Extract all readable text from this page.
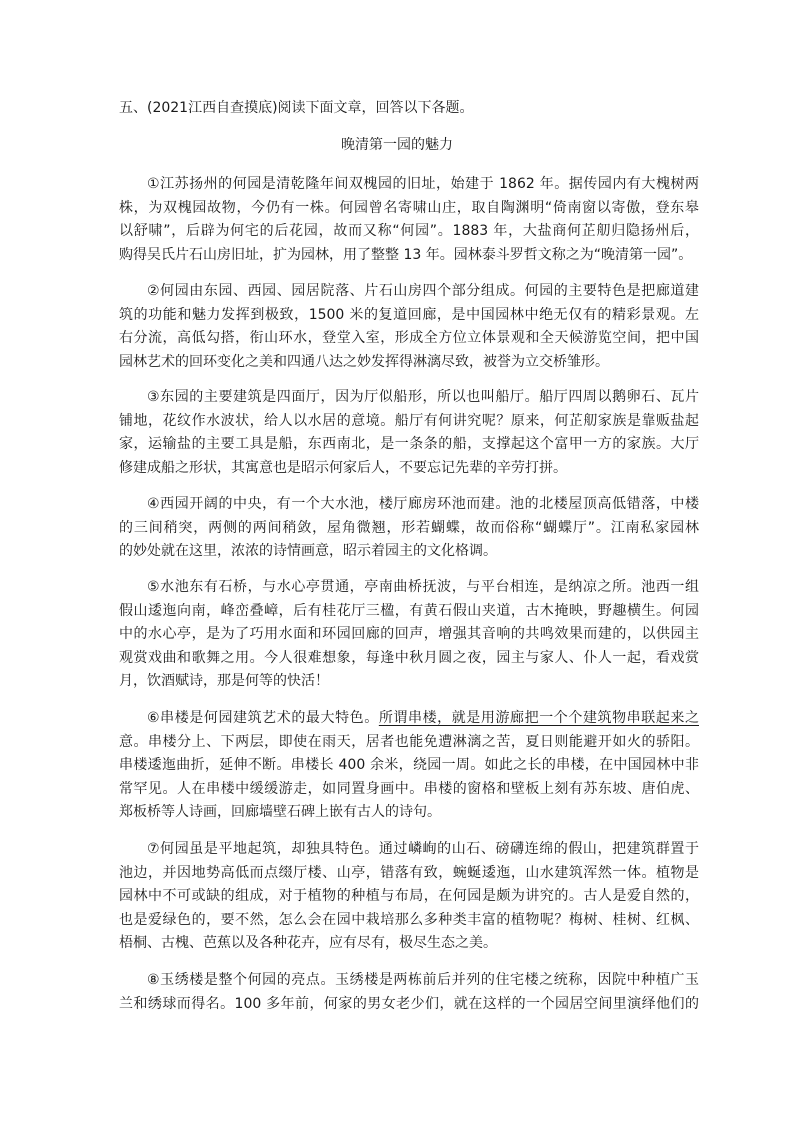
五、(2021江西自查摸底)阅读下面文章，回答以下各题。
晚清第一园的魅力
①江苏扬州的何园是清乾隆年间双槐园的旧址，始建于 1862 年。据传园内有大槐树两
株，为双槐园故物，今仍有一株。何园曾名寄啸山庄，取自陶渊明“倚南窗以寄傲，登东皋
以舒啸”，后辟为何宅的后花园，故而又称“何园”。1883 年，大盐商何芷舠归隐扬州后，
购得吴氏片石山房旧址，扩为园林，用了整整 13 年。园林泰斗罗哲文称之为“晚清第一园”。
②何园由东园、西园、园居院落、片石山房四个部分组成。何园的主要特色是把廊道建
筑的功能和魅力发挥到极致，1500 米的复道回廊，是中国园林中绝无仅有的精彩景观。左
右分流，高低勾搭，衔山环水，登堂入室，形成全方位立体景观和全天候游览空间，把中国
园林艺术的回环变化之美和四通八达之妙发挥得淋漓尽致，被誉为立交桥雏形。
③东园的主要建筑是四面厅，因为厅似船形，所以也叫船厅。船厅四周以鹅卵石、瓦片
铺地，花纹作水波状，给人以水居的意境。船厅有何讲究呢？原来，何芷舠家族是靠贩盐起
家，运输盐的主要工具是船，东西南北，是一条条的船，支撑起这个富甲一方的家族。大厅
修建成船之形状，其寓意也是昭示何家后人，不要忘记先辈的辛劳打拼。
④西园开阔的中央，有一个大水池，楼厅廊房环池而建。池的北楼屋顶高低错落，中楼
的三间稍突，两侧的两间稍敛，屋角微翘，形若蝴蝶，故而俗称“蝴蝶厅”。江南私家园林
的妙处就在这里，浓浓的诗情画意，昭示着园主的文化格调。
⑤水池东有石桥，与水心亭贯通，亭南曲桥抚波，与平台相连，是纳凉之所。池西一组
假山逶迤向南，峰峦叠嶂，后有桂花厅三楹，有黄石假山夹道，古木掩映，野趣横生。何园
中的水心亭，是为了巧用水面和环园回廊的回声，增强其音响的共鸣效果而建的，以供园主
观赏戏曲和歌舞之用。今人很难想象，每逢中秋月圆之夜，园主与家人、仆人一起，看戏赏
月，饮酒赋诗，那是何等的快活！
⑥串楼是何园建筑艺术的最大特色。所谓串楼，就是用游廊把一个个建筑物串联起来之
意。串楼分上、下两层，即使在雨天，居者也能免遭淋漓之苦，夏日则能避开如火的骄阳。
串楼逶迤曲折，延伸不断。串楼长 400 余米，绕园一周。如此之长的串楼，在中国园林中非
常罕见。人在串楼中缓缓游走，如同置身画中。串楼的窗格和壁板上刻有苏东坡、唐伯虎、
郑板桥等人诗画，回廊墙壁石碑上嵌有古人的诗句。
⑦何园虽是平地起筑，却独具特色。通过嶙峋的山石、磅礴连绵的假山，把建筑群置于
池边，并因地势高低而点缀厅楼、山亭，错落有致，蜿蜒逶迤，山水建筑浑然一体。植物是
园林中不可或缺的组成，对于植物的种植与布局，在何园是颇为讲究的。古人是爱自然的，
也是爱绿色的，要不然，怎么会在园中栽培那么多种类丰富的植物呢？梅树、桂树、红枫、
梧桐、古槐、芭蕉以及各种花卉，应有尽有，极尽生态之美。
⑧玉绣楼是整个何园的亮点。玉绣楼是两栋前后并列的住宅楼之统称，因院中种植广玉
兰和绣球而得名。100 多年前，何家的男女老少们，就在这样的一个园居空间里演绎他们的
